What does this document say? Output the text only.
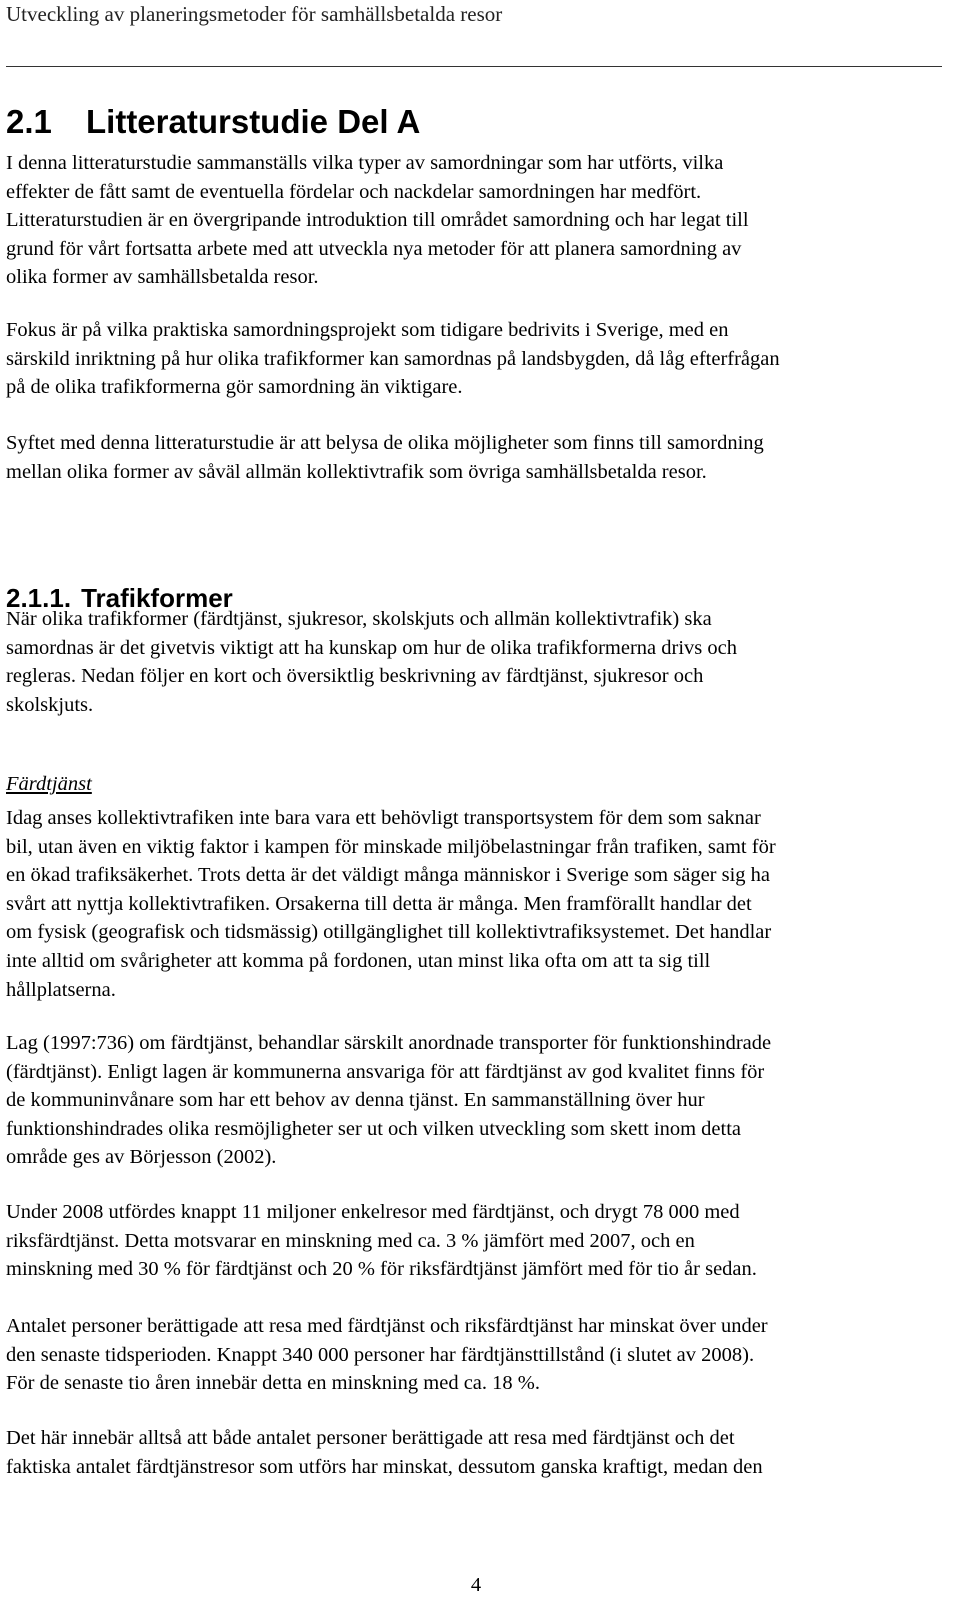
Utveckling av planeringsmetoder för samhällsbetalda resor
2.1 Litteraturstudie Del A

I denna litteraturstudie sammanställs vilka typer av samordningar som har utförts, vilka
effekter de fått samt de eventuella fördelar och nackdelar samordningen har medfört.
Litteraturstudien är en övergripande introduktion till området samordning och har legat till
grund för vårt fortsatta arbete med att utveckla nya metoder för att planera samordning av
olika former av samhällsbetalda resor.

Fokus är på vilka praktiska samordningsprojekt som tidigare bedrivits i Sverige, med en
särskild inriktning på hur olika trafikformer kan samordnas på landsbygden, då låg efterfrågan
på de olika trafikformerna gör samordning än viktigare.

Syftet med denna litteraturstudie är att belysa de olika möjligheter som finns till samordning
mellan olika former av såväl allmän kollektivtrafik som övriga samhällsbetalda resor.

2.1.1. Trafikformer

När olika trafikformer (färdtjänst, sjukresor, skolskjuts och allmän kollektivtrafik) ska
samordnas är det givetvis viktigt att ha kunskap om hur de olika trafikformerna drivs och
regleras. Nedan följer en kort och översiktlig beskrivning av färdtjänst, sjukresor och
skolskjuts.

Färdtjänst

Idag anses kollektivtrafiken inte bara vara ett behövligt transportsystem för dem som saknar
bil, utan även en viktig faktor i kampen för minskade miljöbelastningar från trafiken, samt för
en ökad trafiksäkerhet. Trots detta är det väldigt många människor i Sverige som säger sig ha
svårt att nyttja kollektivtrafiken. Orsakerna till detta är många. Men framförallt handlar det
om fysisk (geografisk och tidsmässig) otillgänglighet till kollektivtrafiksystemet. Det handlar
inte alltid om svårigheter att komma på fordonen, utan minst lika ofta om att ta sig till
hållplatserna.

Lag (1997:736) om färdtjänst, behandlar särskilt anordnade transporter för funktionshindrade
(färdtjänst). Enligt lagen är kommunerna ansvariga för att färdtjänst av god kvalitet finns för
de kommuninvånare som har ett behov av denna tjänst. En sammanställning över hur
funktionshindrades olika resmöjligheter ser ut och vilken utveckling som skett inom detta
område ges av Börjesson (2002).

Under 2008 utfördes knappt 11 miljoner enkelresor med färdtjänst, och drygt 78 000 med
riksfärdtjänst. Detta motsvarar en minskning med ca. 3 % jämfört med 2007, och en
minskning med 30 % för färdtjänst och 20 % för riksfärdtjänst jämfört med för tio år sedan.

Antalet personer berättigade att resa med färdtjänst och riksfärdtjänst har minskat över under
den senaste tidsperioden. Knappt 340 000 personer har färdtjänsttillstånd (i slutet av 2008).
För de senaste tio åren innebär detta en minskning med ca. 18 %.

Det här innebär alltså att både antalet personer berättigade att resa med färdtjänst och det
faktiska antalet färdtjänstresor som utförs har minskat, dessutom ganska kraftigt, medan den

4
